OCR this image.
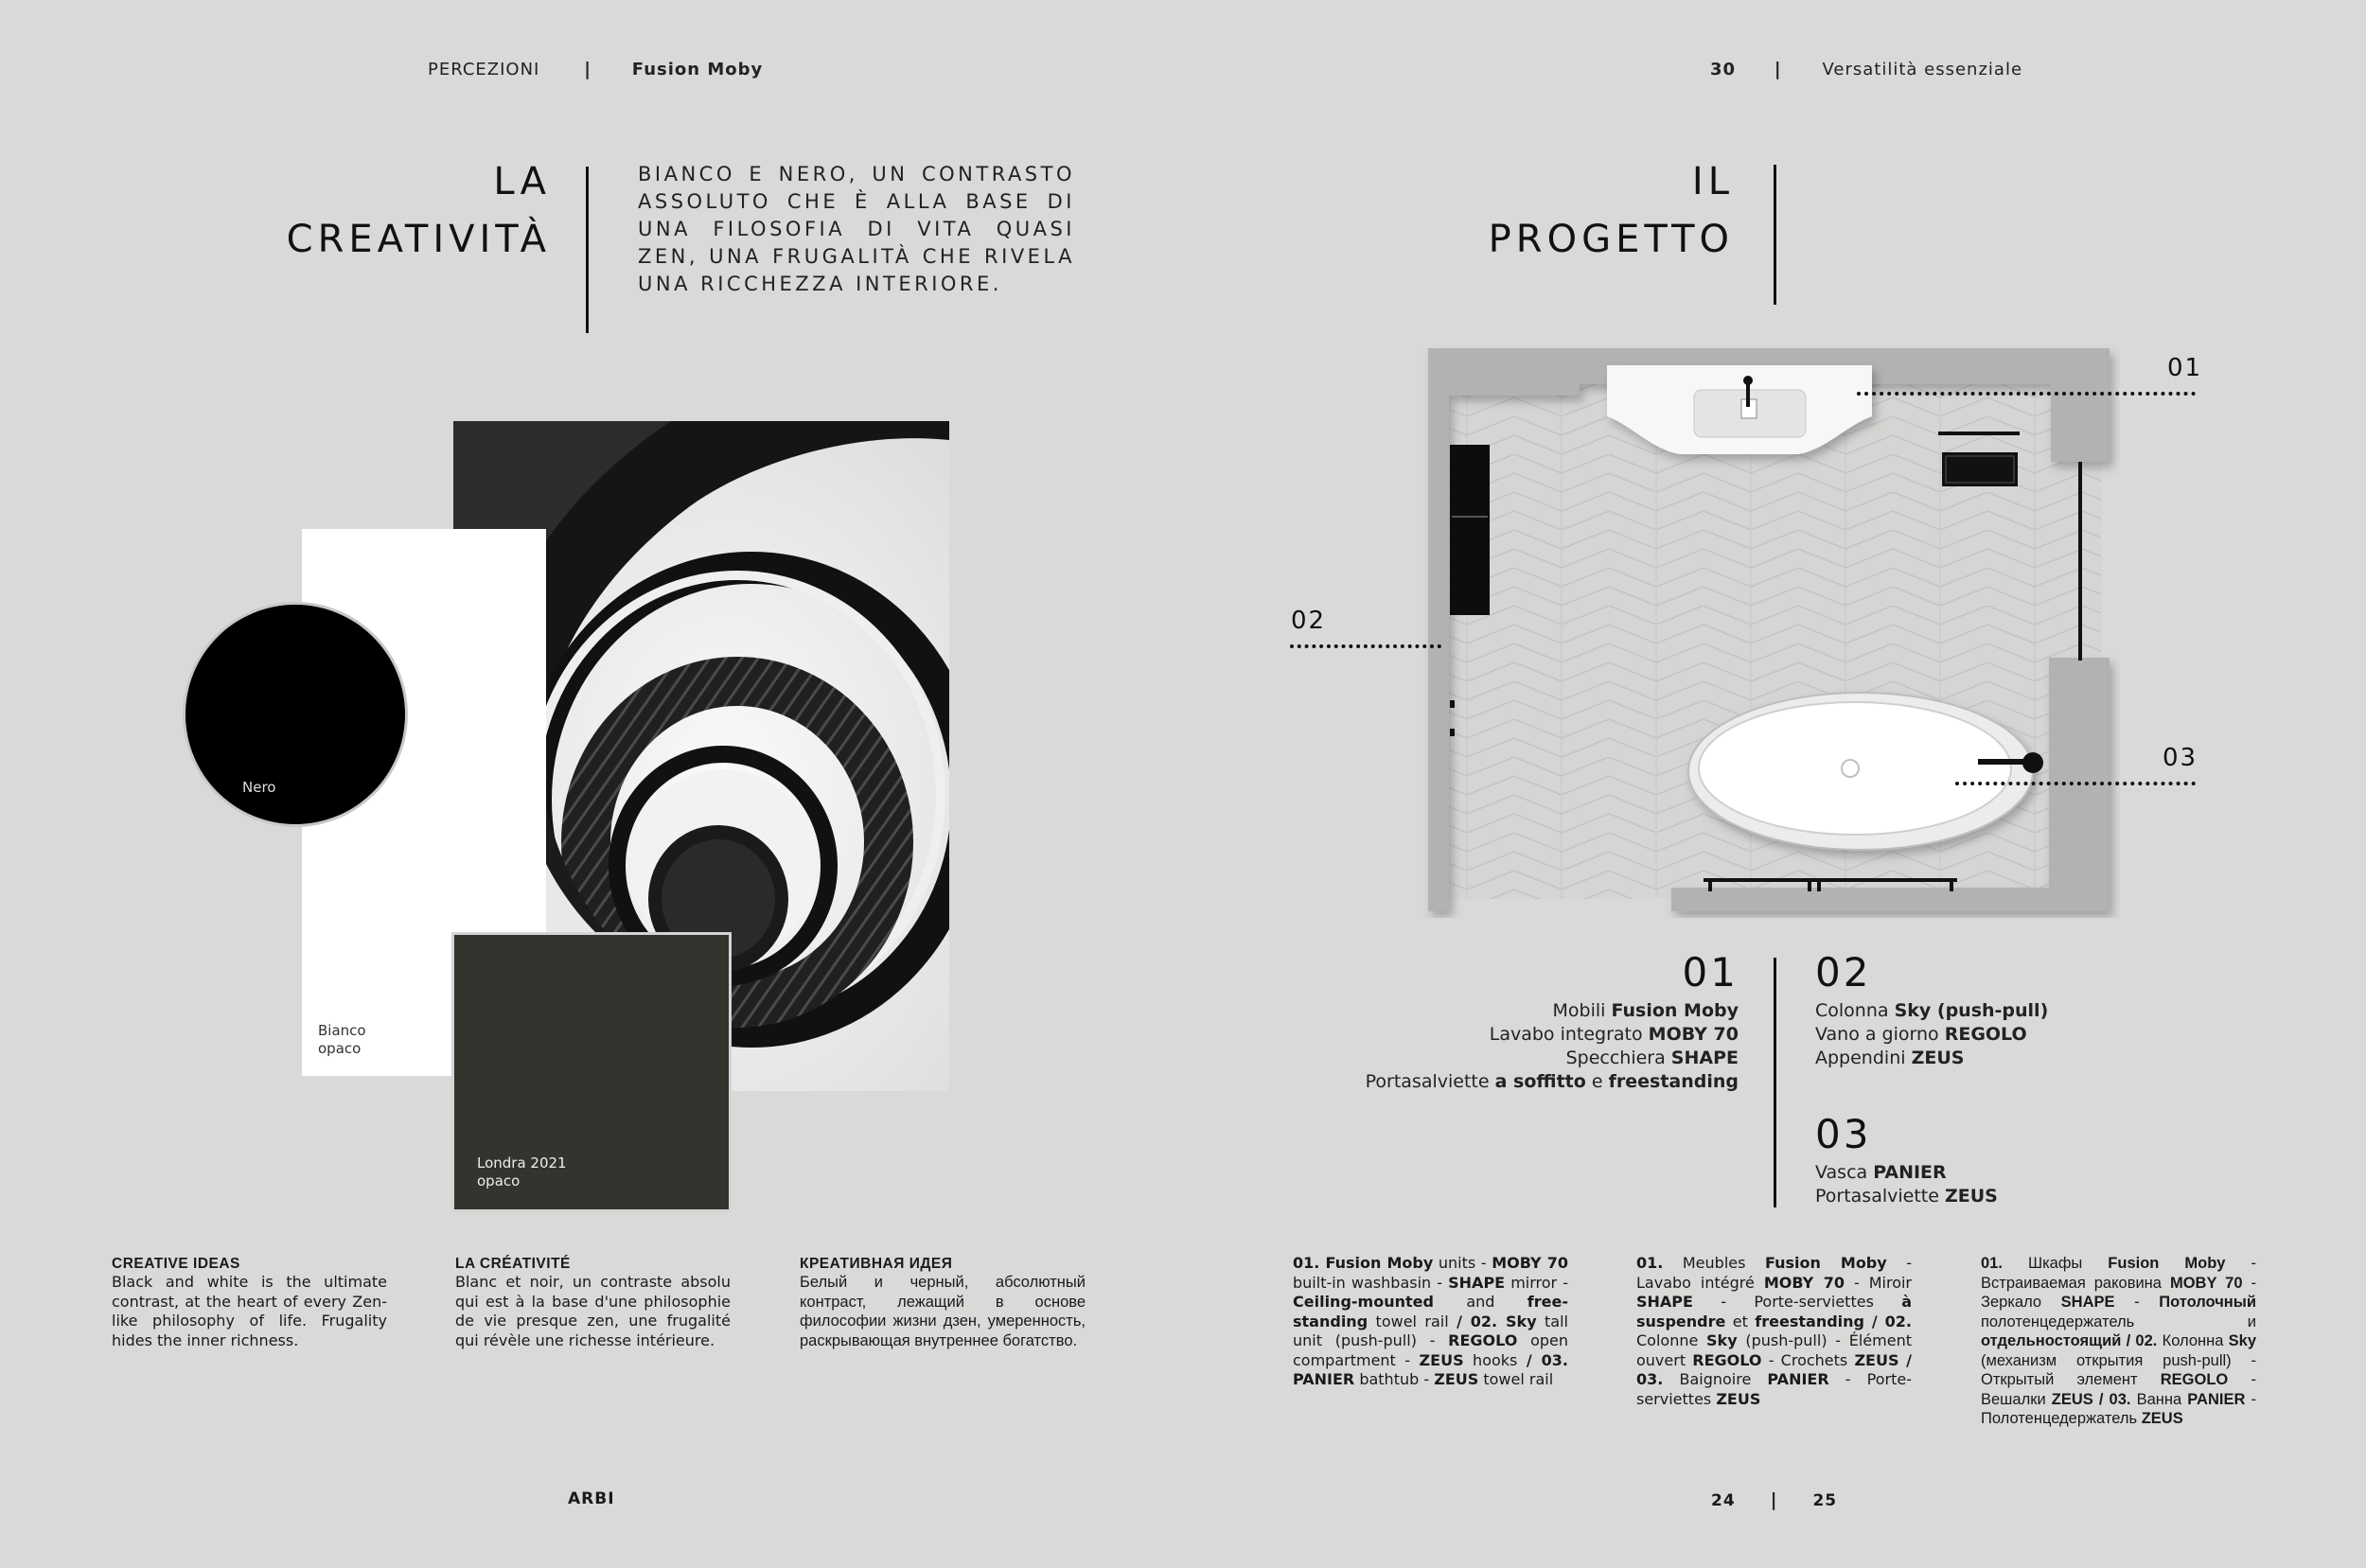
PERCEZIONI | Fusion Moby
LA
CREATIVITÀ
BIANCO E NERO, UN CONTRASTO ASSOLUTO CHE È ALLA BASE DI UNA FILOSOFIA DI VITA QUASI ZEN, UNA FRUGALITÀ CHE RIVELA UNA RICCHEZZA INTERIORE.
Bianco
opaco
Nero
Londra 2021
opaco
CREATIVE IDEAS
Black and white is the ultimate contrast, at the heart of every Zen-like philosophy of life. Frugality hides the inner richness.
LA CRÉATIVITÉ
Blanc et noir, un contraste absolu qui est à la base d'une philosophie de vie presque zen, une frugalité qui révèle une richesse intérieure.
КРЕАТИВНАЯ ИДЕЯ
Белый и черный, абсолютный контраст, лежащий в основе философии жизни дзен, умеренность, раскрывающая внутреннее богатство.
ARBI
30 | Versatilità essenziale
IL
PROGETTO
01
02
03
01
Mobili Fusion Moby
Lavabo integrato MOBY 70
Specchiera SHAPE
Portasalviette a soffitto e freestanding
02
Colonna Sky (push-pull)
Vano a giorno REGOLO
Appendini ZEUS
03
Vasca PANIER
Portasalviette ZEUS
01. Fusion Moby units - MOBY 70 built-in washbasin - SHAPE mirror - Ceiling-mounted and free-standing towel rail / 02. Sky tall unit (push-pull) - REGOLO open compartment - ZEUS hooks / 03. PANIER bathtub - ZEUS towel rail
01. Meubles Fusion Moby - Lavabo intégré MOBY 70 - Miroir SHAPE - Porte-serviettes à suspendre et freestanding / 02. Colonne Sky (push-pull) - Élément ouvert REGOLO - Crochets ZEUS / 03. Baignoire PANIER - Porte-serviettes ZEUS
01. Шкафы Fusion Moby - Встраиваемая раковина MOBY 70 - Зеркало SHAPE - Потолочный полотенцедержатель и отдельностоящий / 02. Колонна Sky (механизм открытия push-pull) - Открытый элемент REGOLO - Вешалки ZEUS / 03. Ванна PANIER - Полотенцедержатель ZEUS
24 | 25
